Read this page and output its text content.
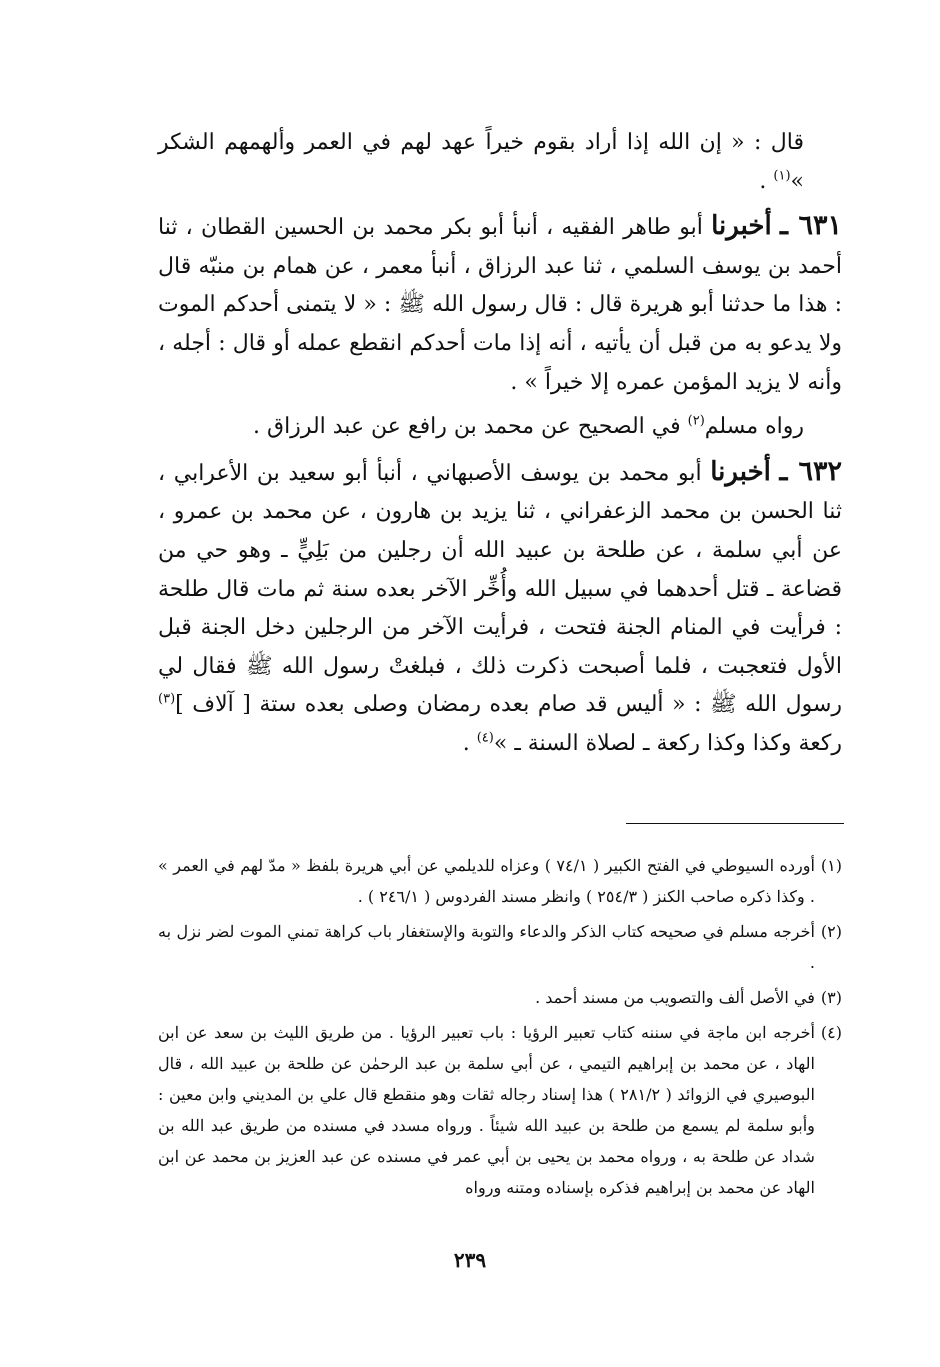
قال : « إن الله إذا أراد بقوم خيراً عهد لهم في العمر وألهمهم الشكر »$^{(١)}$ .

٦٣١ ـ أخبرنا أبو طاهر الفقيه ، أنبأ أبو بكر محمد بن الحسين القطان ، ثنا أحمد بن يوسف السلمي ، ثنا عبد الرزاق ، أنبأ معمر ، عن همام بن منبّه قال : هذا ما حدثنا أبو هريرة قال : قال رسول الله ﷺ : « لا يتمنى أحدكم الموت ولا يدعو به من قبل أن يأتيه ، أنه إذا مات أحدكم انقطع عمله أو قال : أجله ، وأنه لا يزيد المؤمن عمره إلا خيراً » .

رواه مسلم$^{(٢)}$ في الصحيح عن محمد بن رافع عن عبد الرزاق .

٦٣٢ ـ أخبرنا أبو محمد بن يوسف الأصبهاني ، أنبأ أبو سعيد بن الأعرابي ، ثنا الحسن بن محمد الزعفراني ، ثنا يزيد بن هارون ، عن محمد بن عمرو ، عن أبي سلمة ، عن طلحة بن عبيد الله أن رجلين من بَلِيٍّ ـ وهو حي من قضاعة ـ قتل أحدهما في سبيل الله وأُخِّر الآخر بعده سنة ثم مات قال طلحة : فرأيت في المنام الجنة فتحت ، فرأيت الآخر من الرجلين دخل الجنة قبل الأول فتعجبت ، فلما أصبحت ذكرت ذلك ، فبلغتْ رسول الله ﷺ فقال لي رسول الله ﷺ : « أليس قد صام بعده رمضان وصلى بعده ستة [ آلاف ]$^{(٣)}$ ركعة وكذا وكذا ركعة ـ لصلاة السنة ـ »$^{(٤)}$ .

(١)
أورده السيوطي في الفتح الكبير ( ٧٤/١ ) وعزاه للديلمي عن أبي هريرة بلفظ « مدّ لهم في العمر » . وكذا ذكره صاحب الكنز ( ٢٥٤/٣ ) وانظر مسند الفردوس ( ٢٤٦/١ ) .
(٢)
أخرجه مسلم في صحيحه كتاب الذكر والدعاء والتوبة والإستغفار باب كراهة تمني الموت لضر نزل به .
(٣)
في الأصل ألف والتصويب من مسند أحمد .
(٤)
أخرجه ابن ماجة في سننه كتاب تعبير الرؤيا : باب تعبير الرؤيا . من طريق الليث بن سعد عن ابن الهاد ، عن محمد بن إبراهيم التيمي ، عن أبي سلمة بن عبد الرحمٰن عن طلحة بن عبيد الله ، قال البوصيري في الزوائد ( ٢٨١/٢ ) هذا إسناد رجاله ثقات وهو منقطع قال علي بن المديني وابن معين : وأبو سلمة لم يسمع من طلحة بن عبيد الله شيئاً . ورواه مسدد في مسنده من طريق عبد الله بن شداد عن طلحة به ، ورواه محمد بن يحيى بن أبي عمر في مسنده عن عبد العزيز بن محمد عن ابن الهاد عن محمد بن إبراهيم فذكره بإسناده ومتنه ورواه
٢٣٩
